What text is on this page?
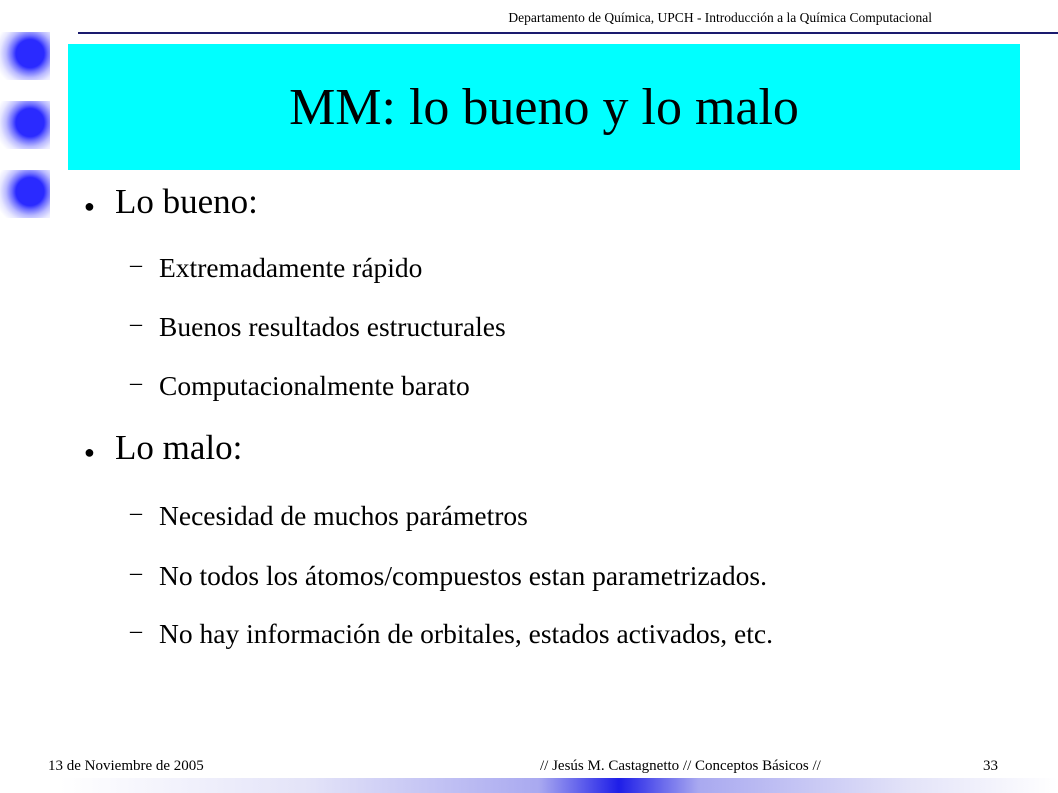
Departamento de Química, UPCH - Introducción a la Química Computacional
MM: lo bueno y lo malo
● Lo bueno:
– Extremadamente rápido
– Buenos resultados estructurales
– Computacionalmente barato
● Lo malo:
– Necesidad de muchos parámetros
– No todos los átomos/compuestos estan parametrizados.
– No hay información de orbitales, estados activados, etc.
13 de Noviembre de 2005	// Jesús M. Castagnetto // Conceptos Básicos //	33
